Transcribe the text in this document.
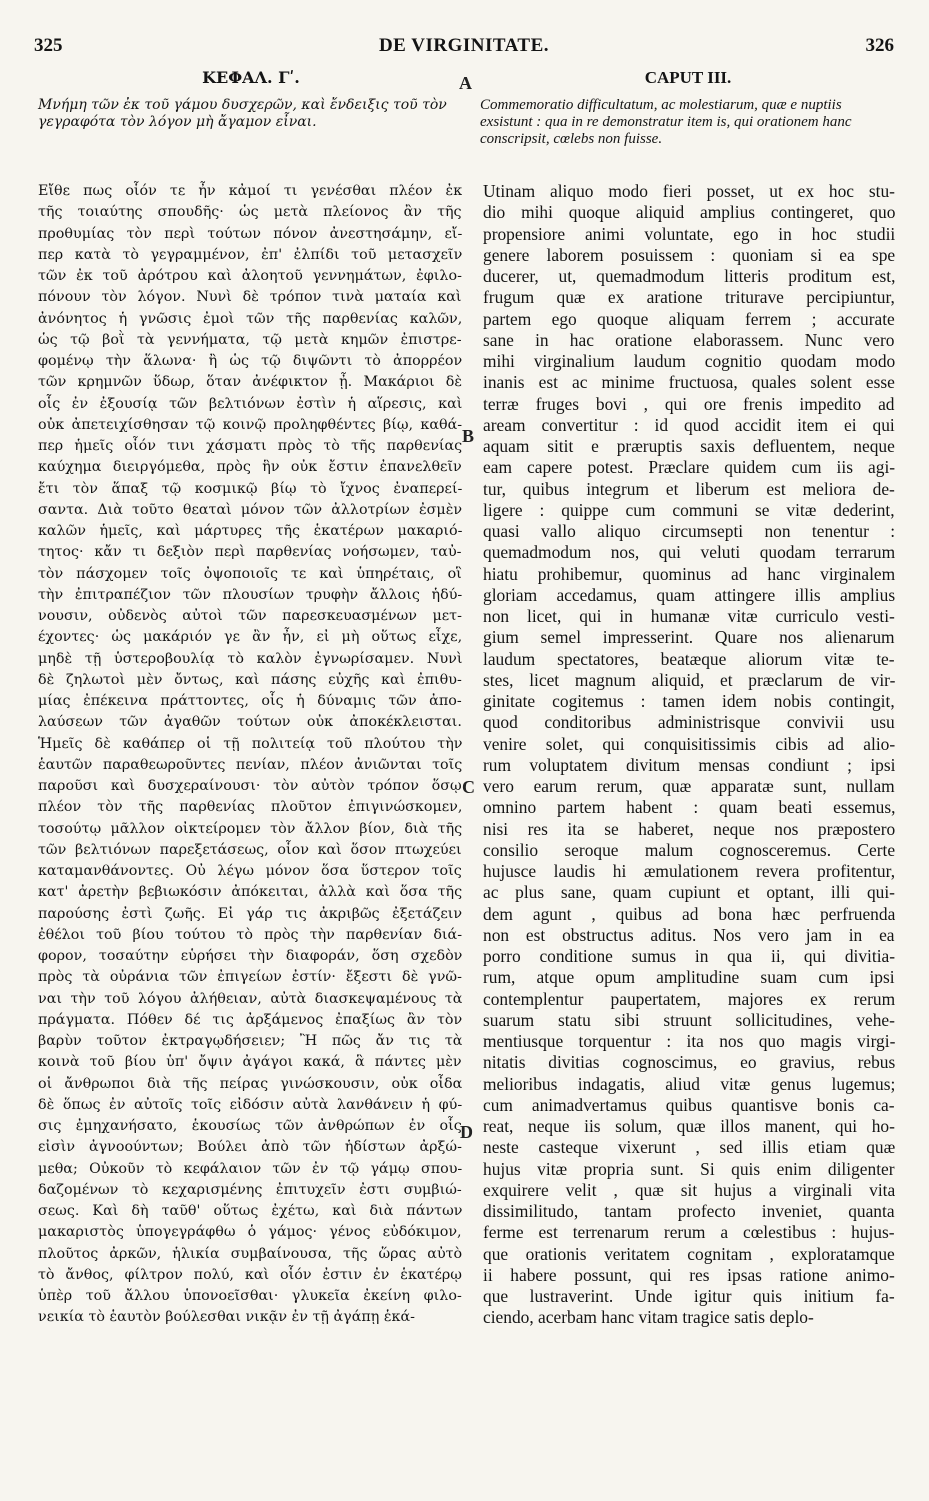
325	DE VIRGINITATE.	326
ΚΕΦΑΛ. Γʹ.	CAPUT III.
A
B
C
D
Μνήμη τῶν ἐκ τοῦ γάμου δυσχερῶν, καὶ ἔνδειξις τοῦ τὸν γεγραφότα τὸν λόγον μὴ ἄγαμον εἶναι.
Commemoratio difficultatum, ac molestiarum, quæ e nuptiis exsistunt : qua in re demonstratur item is, qui orationem hanc conscripsit, cœlebs non fuisse.
Εἴθε πως οἷόν τε ἦν κἀμοί τι γενέσθαι πλέον ἐκ
τῆς τοιαύτης σπουδῆς· ὡς μετὰ πλείονος ἂν τῆς
προθυμίας τὸν περὶ τούτων πόνον ἀνεστησάμην, εἴ-
περ κατὰ τὸ γεγραμμένον, ἐπ' ἐλπίδι τοῦ μετασχεῖν
τῶν ἐκ τοῦ ἀρότρου καὶ ἀλοητοῦ γεννημάτων, ἐφιλο-
πόνουν τὸν λόγον. Νυνὶ δὲ τρόπον τινὰ ματαία καὶ
ἀνόνητος ἡ γνῶσις ἐμοὶ τῶν τῆς παρθενίας καλῶν,
ὡς τῷ βοῒ τὰ γεννήματα, τῷ μετὰ κημῶν ἐπιστρε-
φομένῳ τὴν ἅλωνα· ἢ ὡς τῷ διψῶντι τὸ ἀπορρέον
τῶν κρημνῶν ὕδωρ, ὅταν ἀνέφικτον ᾖ. Μακάριοι δὲ
οἷς ἐν ἐξουσίᾳ τῶν βελτιόνων ἐστὶν ἡ αἵρεσις, καὶ
οὐκ ἀπετειχίσθησαν τῷ κοινῷ προληφθέντες βίῳ, καθά-
περ ἡμεῖς οἷόν τινι χάσματι πρὸς τὸ τῆς παρθενίας
καύχημα διειργόμεθα, πρὸς ἣν οὐκ ἔστιν ἐπανελθεῖν
ἔτι τὸν ἅπαξ τῷ κοσμικῷ βίῳ τὸ ἴχνος ἐναπερεί-
σαντα. Διὰ τοῦτο θεαταὶ μόνον τῶν ἀλλοτρίων ἐσμὲν
καλῶν ἡμεῖς, καὶ μάρτυρες τῆς ἑκατέρων μακαριό-
τητος· κἄν τι δεξιὸν περὶ παρθενίας νοήσωμεν, ταὐ-
τὸν πάσχομεν τοῖς ὀψοποιοῖς τε καὶ ὑπηρέταις, οἳ
τὴν ἐπιτραπέζιον τῶν πλουσίων τρυφὴν ἄλλοις ἡδύ-
νουσιν, οὐδενὸς αὐτοὶ τῶν παρεσκευασμένων μετ-
έχοντες· ὡς μακάριόν γε ἂν ἦν, εἰ μὴ οὕτως εἶχε,
μηδὲ τῇ ὑστεροβουλίᾳ τὸ καλὸν ἐγνωρίσαμεν. Νυνὶ
δὲ ζηλωτοὶ μὲν ὄντως, καὶ πάσης εὐχῆς καὶ ἐπιθυ-
μίας ἐπέκεινα πράττοντες, οἷς ἡ δύναμις τῶν ἀπο-
λαύσεων τῶν ἀγαθῶν τούτων οὐκ ἀποκέκλεισται.
Ἡμεῖς δὲ καθάπερ οἱ τῇ πολιτείᾳ τοῦ πλούτου τὴν
ἑαυτῶν παραθεωροῦντες πενίαν, πλέον ἀνιῶνται τοῖς
παροῦσι καὶ δυσχεραίνουσι· τὸν αὐτὸν τρόπον ὅσῳ
πλέον τὸν τῆς παρθενίας πλοῦτον ἐπιγινώσκομεν,
τοσούτῳ μᾶλλον οἰκτείρομεν τὸν ἄλλον βίον, διὰ τῆς
τῶν βελτιόνων παρεξετάσεως, οἷον καὶ ὅσον πτωχεύει
καταμανθάνοντες. Οὐ λέγω μόνον ὅσα ὕστερον τοῖς
κατ' ἀρετὴν βεβιωκόσιν ἀπόκειται, ἀλλὰ καὶ ὅσα τῆς
παρούσης ἐστὶ ζωῆς. Εἰ γάρ τις ἀκριβῶς ἐξετάζειν
ἐθέλοι τοῦ βίου τούτου τὸ πρὸς τὴν παρθενίαν διά-
φορον, τοσαύτην εὑρήσει τὴν διαφοράν, ὅση σχεδὸν
πρὸς τὰ οὐράνια τῶν ἐπιγείων ἐστίν· ἔξεστι δὲ γνῶ-
ναι τὴν τοῦ λόγου ἀλήθειαν, αὐτὰ διασκεψαμένους τὰ
πράγματα. Πόθεν δέ τις ἀρξάμενος ἐπαξίως ἂν τὸν
βαρὺν τοῦτον ἐκτραγῳδήσειεν; Ἢ πῶς ἄν τις τὰ
κοινὰ τοῦ βίου ὑπ' ὄψιν ἀγάγοι κακά, ἃ πάντες μὲν
οἱ ἄνθρωποι διὰ τῆς πείρας γινώσκουσιν, οὐκ οἶδα
δὲ ὅπως ἐν αὐτοῖς τοῖς εἰδόσιν αὐτὰ λανθάνειν ἡ φύ-
σις ἐμηχανήσατο, ἑκουσίως τῶν ἀνθρώπων ἐν οἷς
εἰσὶν ἀγνοούντων; Βούλει ἀπὸ τῶν ἡδίστων ἀρξώ-
μεθα; Οὐκοῦν τὸ κεφάλαιον τῶν ἐν τῷ γάμῳ σπου-
δαζομένων τὸ κεχαρισμένης ἐπιτυχεῖν ἐστι συμβιώ-
σεως. Καὶ δὴ ταῦθ' οὕτως ἐχέτω, καὶ διὰ πάντων
μακαριστὸς ὑπογεγράφθω ὁ γάμος· γένος εὐδόκιμον,
πλοῦτος ἀρκῶν, ἡλικία συμβαίνουσα, τῆς ὥρας αὐτὸ
τὸ ἄνθος, φίλτρον πολύ, καὶ οἷόν ἐστιν ἐν ἑκατέρῳ
ὑπὲρ τοῦ ἄλλου ὑπονοεῖσθαι· γλυκεῖα ἐκείνη φιλο-
νεικία τὸ ἑαυτὸν βούλεσθαι νικᾷν ἐν τῇ ἀγάπῃ ἑκά-
Utinam aliquo modo fieri posset, ut ex hoc stu-
dio mihi quoque aliquid amplius contingeret, quo
propensiore animi voluntate, ego in hoc studii
genere laborem posuissem : quoniam si ea spe
ducerer, ut, quemadmodum litteris proditum est,
frugum quæ ex aratione triturave percipiuntur,
partem ego quoque aliquam ferrem ; accurate
sane in hac oratione elaborassem. Nunc vero
mihi virginalium laudum cognitio quodam modo
inanis est ac minime fructuosa, quales solent esse
terræ fruges bovi , qui ore frenis impedito ad
aream convertitur : id quod accidit item ei qui
aquam sitit e præruptis saxis defluentem, neque
eam capere potest. Præclare quidem cum iis agi-
tur, quibus integrum et liberum est meliora de-
ligere : quippe cum communi se vitæ dederint,
quasi vallo aliquo circumsepti non tenentur :
quemadmodum nos, qui veluti quodam terrarum
hiatu prohibemur, quominus ad hanc virginalem
gloriam accedamus, quam attingere illis amplius
non licet, qui in humanæ vitæ curriculo vesti-
gium semel impresserint. Quare nos alienarum
laudum spectatores, beatæque aliorum vitæ te-
stes, licet magnum aliquid, et præclarum de vir-
ginitate cogitemus : tamen idem nobis contingit,
quod conditoribus administrisque convivii usu
venire solet, qui conquisitissimis cibis ad alio-
rum voluptatem divitum mensas condiunt ; ipsi
vero earum rerum, quæ apparatæ sunt, nullam
omnino partem habent : quam beati essemus,
nisi res ita se haberet, neque nos præpostero
consilio seroque malum cognosceremus. Certe
hujusce laudis hi æmulationem revera profitentur,
ac plus sane, quam cupiunt et optant, illi qui-
dem agunt , quibus ad bona hæc perfruenda
non est obstructus aditus. Nos vero jam in ea
porro conditione sumus in qua ii, qui divitia-
rum, atque opum amplitudine suam cum ipsi
contemplentur paupertatem, majores ex rerum
suarum statu sibi struunt sollicitudines, vehe-
mentiusque torquentur : ita nos quo magis virgi-
nitatis divitias cognoscimus, eo gravius, rebus
melioribus indagatis, aliud vitæ genus lugemus;
cum animadvertamus quibus quantisve bonis ca-
reat, neque iis solum, quæ illos manent, qui ho-
neste casteque vixerunt , sed illis etiam quæ
hujus vitæ propria sunt. Si quis enim diligenter
exquirere velit , quæ sit hujus a virginali vita
dissimilitudo, tantam profecto inveniet, quanta
ferme est terrenarum rerum a cœlestibus : hujus-
que orationis veritatem cognitam , exploratamque
ii habere possunt, qui res ipsas ratione animo-
que lustraverint. Unde igitur quis initium fa-
ciendo, acerbam hanc vitam tragice satis deplo-
